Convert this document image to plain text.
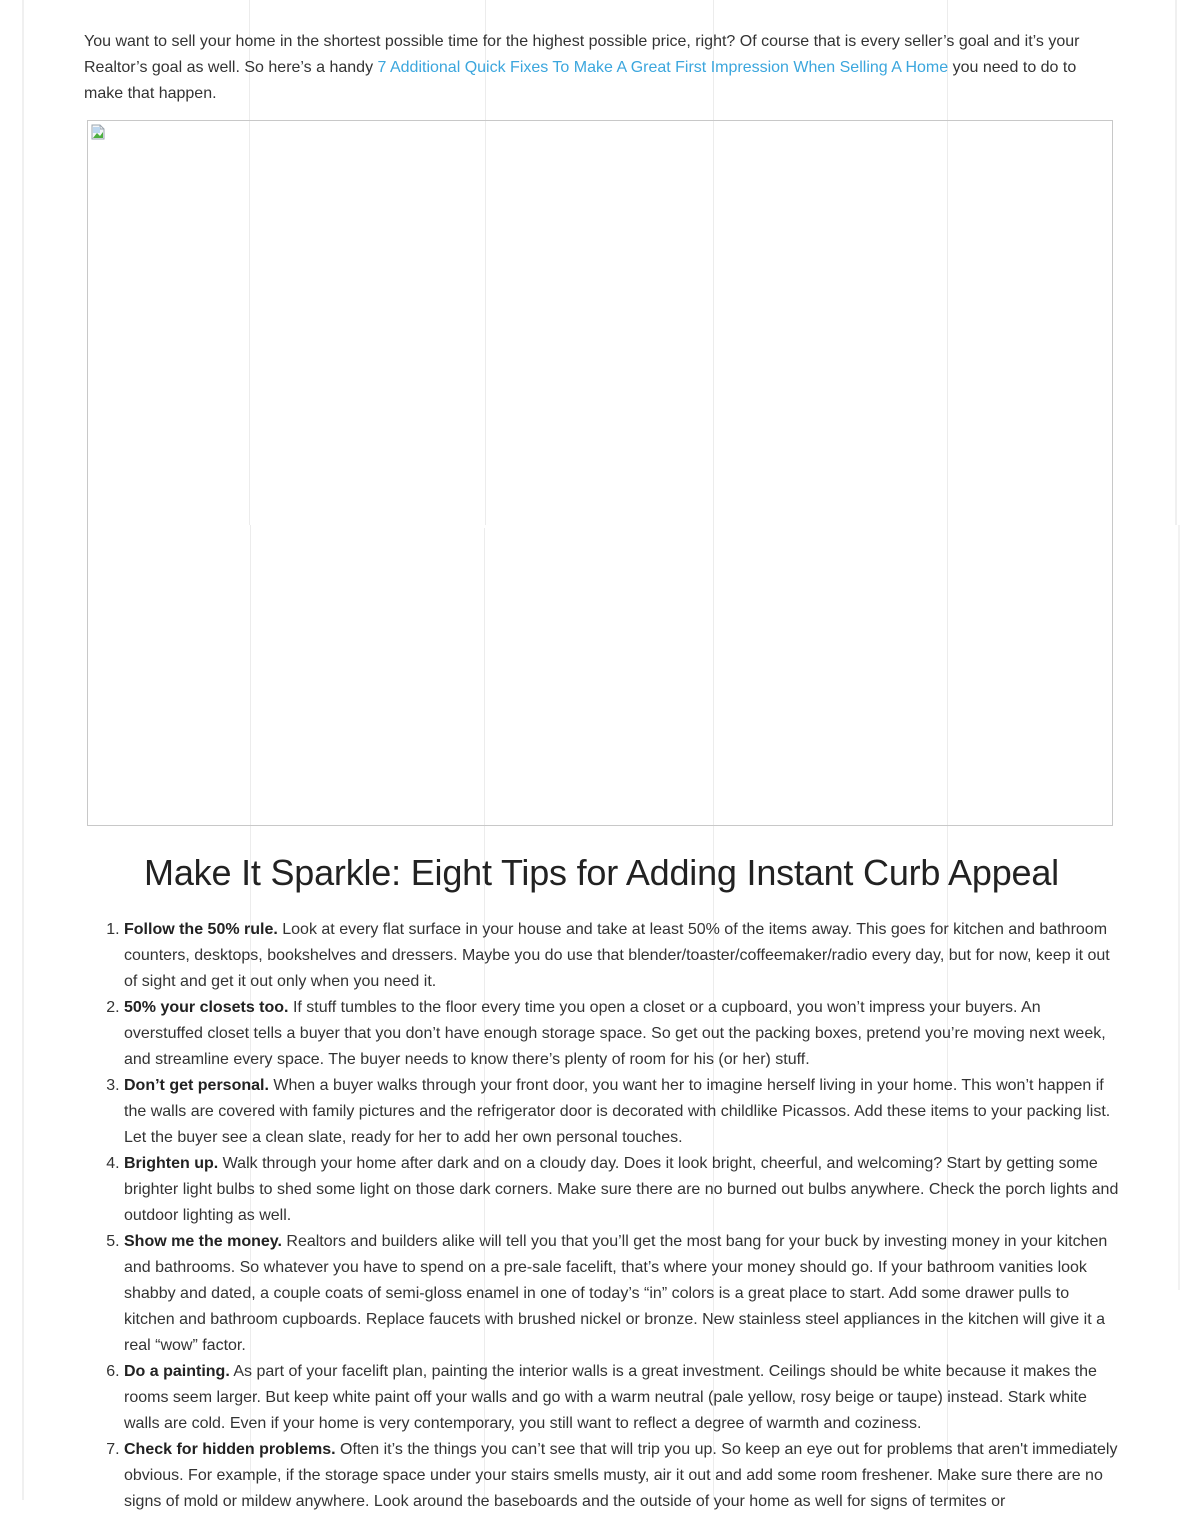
You want to sell your home in the shortest possible time for the highest possible price, right? Of course that is every seller’s goal and it’s your Realtor’s goal as well. So here’s a handy 7 Additional Quick Fixes To Make A Great First Impression When Selling A Home you need to do to make that happen.

Make It Sparkle: Eight Tips for Adding Instant Curb Appeal
1. Follow the 50% rule. Look at every flat surface in your house and take at least 50% of the items away. This goes for kitchen and bathroom counters, desktops, bookshelves and dressers. Maybe you do use that blender/toaster/coffeemaker/radio every day, but for now, keep it out of sight and get it out only when you need it.
2. 50% your closets too. If stuff tumbles to the floor every time you open a closet or a cupboard, you won’t impress your buyers. An overstuffed closet tells a buyer that you don’t have enough storage space. So get out the packing boxes, pretend you’re moving next week, and streamline every space. The buyer needs to know there’s plenty of room for his (or her) stuff.
3. Don’t get personal. When a buyer walks through your front door, you want her to imagine herself living in your home. This won’t happen if the walls are covered with family pictures and the refrigerator door is decorated with childlike Picassos. Add these items to your packing list. Let the buyer see a clean slate, ready for her to add her own personal touches.
4. Brighten up. Walk through your home after dark and on a cloudy day. Does it look bright, cheerful, and welcoming? Start by getting some brighter light bulbs to shed some light on those dark corners. Make sure there are no burned out bulbs anywhere. Check the porch lights and outdoor lighting as well.
5. Show me the money. Realtors and builders alike will tell you that you’ll get the most bang for your buck by investing money in your kitchen and bathrooms. So whatever you have to spend on a pre-sale facelift, that’s where your money should go. If your bathroom vanities look shabby and dated, a couple coats of semi-gloss enamel in one of today’s “in” colors is a great place to start. Add some drawer pulls to kitchen and bathroom cupboards. Replace faucets with brushed nickel or bronze. New stainless steel appliances in the kitchen will give it a real “wow” factor.
6. Do a painting. As part of your facelift plan, painting the interior walls is a great investment. Ceilings should be white because it makes the rooms seem larger. But keep white paint off your walls and go with a warm neutral (pale yellow, rosy beige or taupe) instead. Stark white walls are cold. Even if your home is very contemporary, you still want to reflect a degree of warmth and coziness.
7. Check for hidden problems. Often it’s the things you can’t see that will trip you up. So keep an eye out for problems that aren't immediately obvious. For example, if the storage space under your stairs smells musty, air it out and add some room freshener. Make sure there are no signs of mold or mildew anywhere. Look around the baseboards and the outside of your home as well for signs of termites or
